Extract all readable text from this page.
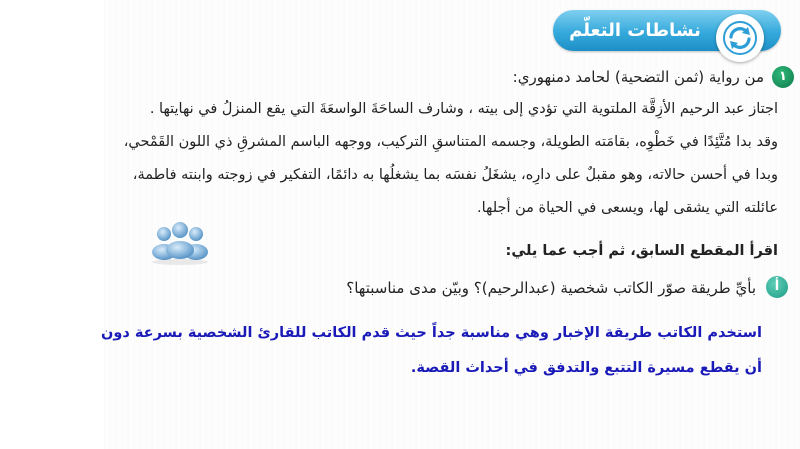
نشاطات التعلّم
١
من رواية (ثمن التضحية) لحامد دمنهوري:
اجتاز عبد الرحيم الأزِقَّة الملتوية التي تؤدي إلى بيته ، وشارف الساحَةَ الواسعَةَ التي يقع المنزلُ في نهايتها .
وقد بدا مُتَّئِدًا في خَطْوِه، بقامَته الطويلة، وجسمه المتناسقِ التركيب، ووجهه الباسم المشرقِ ذي اللون القَمْحي،
وبدا في أحسن حالاته، وهو مقبلٌ على دارِه، يشغَلُ نفسَه بما يشغلُها به دائمًا، التفكير في زوجته وابنته فاطمة،
عائلته التي يشقى لها، ويسعى في الحياة من أجلها.
اقرأ المقطع السابق، ثم أجب عما يلي:
أ
بأيِّ طريقة صوّر الكاتب شخصية (عبدالرحيم)؟ وبيّن مدى مناسبتها؟
استخدم الكاتب طريقة الإخبار وهي مناسبة جداً حيث قدم الكاتب للقارئ الشخصية بسرعة دون
أن يقطع مسيرة التتبع والتدفق في أحداث القصة.
